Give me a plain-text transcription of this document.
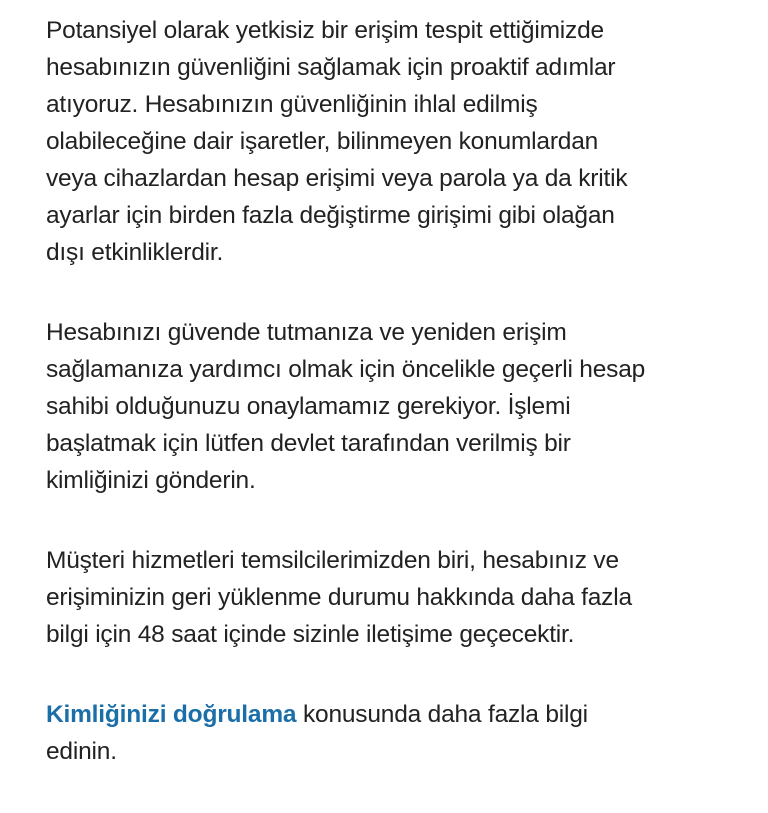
Potansiyel olarak yetkisiz bir erişim tespit ettiğimizde
hesabınızın güvenliğini sağlamak için proaktif adımlar
atıyoruz. Hesabınızın güvenliğinin ihlal edilmiş
olabileceğine dair işaretler, bilinmeyen konumlardan
veya cihazlardan hesap erişimi veya parola ya da kritik
ayarlar için birden fazla değiştirme girişimi gibi olağan
dışı etkinliklerdir.

Hesabınızı güvende tutmanıza ve yeniden erişim
sağlamanıza yardımcı olmak için öncelikle geçerli hesap
sahibi olduğunuzu onaylamamız gerekiyor. İşlemi
başlatmak için lütfen devlet tarafından verilmiş bir
kimliğinizi gönderin.

Müşteri hizmetleri temsilcilerimizden biri, hesabınız ve
erişiminizin geri yüklenme durumu hakkında daha fazla
bilgi için 48 saat içinde sizinle iletişime geçecektir.

Kimliğinizi doğrulama konusunda daha fazla bilgi
edinin.
